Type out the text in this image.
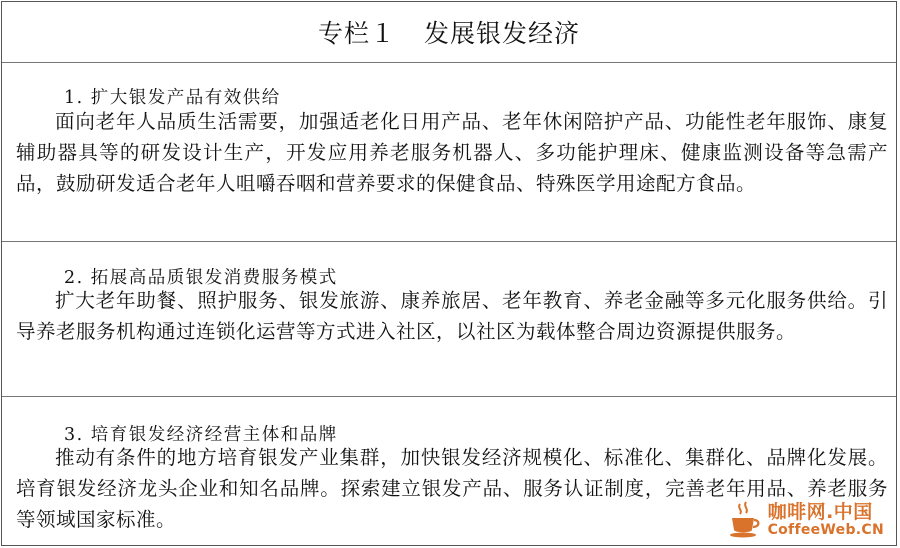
专栏１ 发展银发经济
1. 扩大银发产品有效供给
面向老年人品质生活需要，加强适老化日用产品、老年休闲陪护产品、功能性老年服饰、康复辅助器具等的研发设计生产，开发应用养老服务机器人、多功能护理床、健康监测设备等急需产品，鼓励研发适合老年人咀嚼吞咽和营养要求的保健食品、特殊医学用途配方食品。
2. 拓展高品质银发消费服务模式
扩大老年助餐、照护服务、银发旅游、康养旅居、老年教育、养老金融等多元化服务供给。引导养老服务机构通过连锁化运营等方式进入社区，以社区为载体整合周边资源提供服务。
3. 培育银发经济经营主体和品牌
推动有条件的地方培育银发产业集群，加快银发经济规模化、标准化、集群化、品牌化发展。培育银发经济龙头企业和知名品牌。探索建立银发产品、服务认证制度，完善老年用品、养老服务等领域国家标准。	咖啡网.中国
CoffeeWeb.CN
